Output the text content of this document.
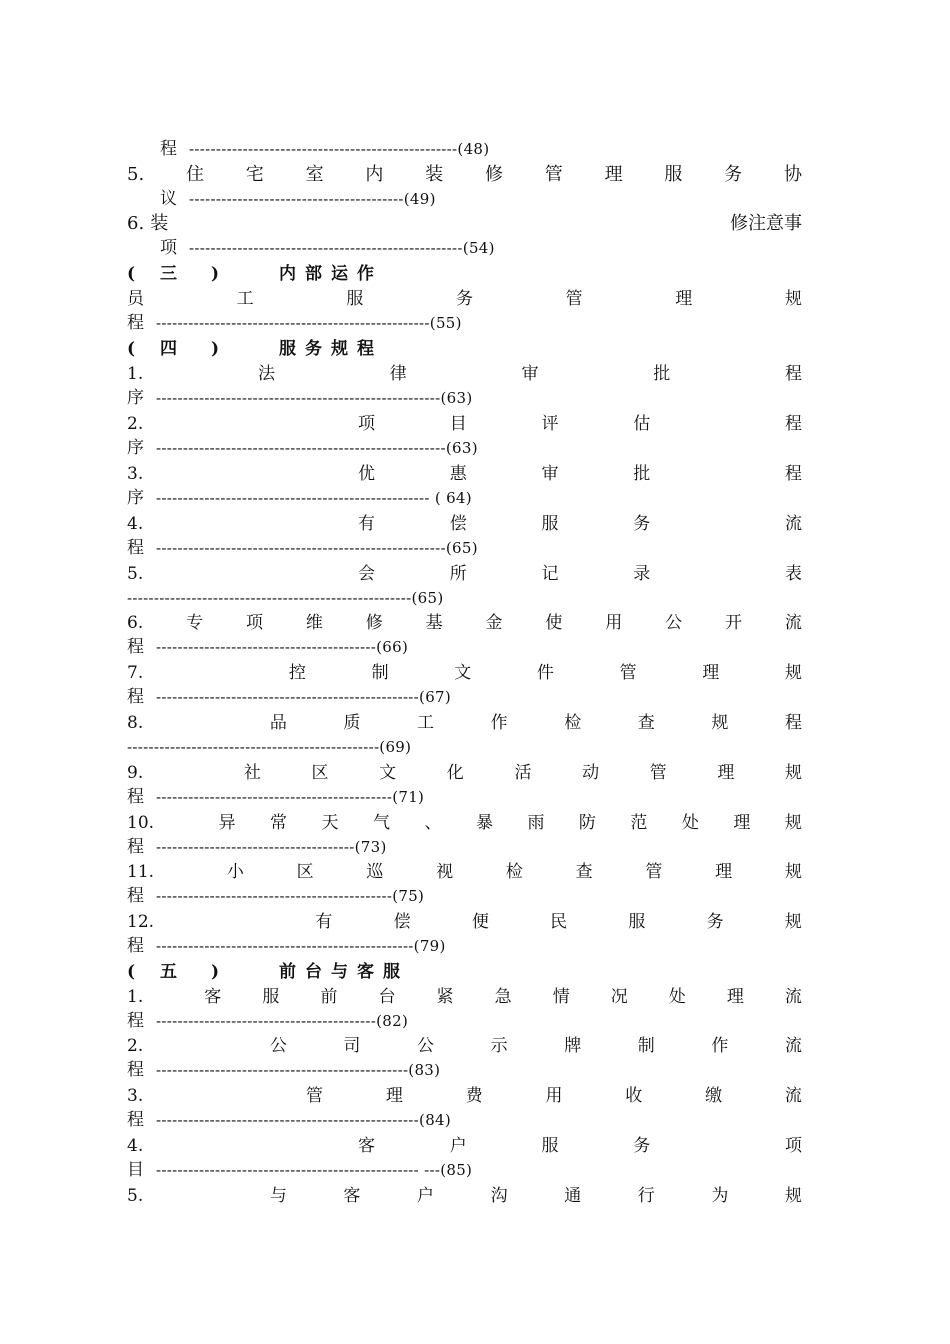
程 --------------------------------------------------(48)
5. 住 宅 室 内 装 修 管 理 服 务 协
议 ----------------------------------------(49)
6. 装	修 注 意 事
项 ---------------------------------------------------(54)
( 三 )	内部运作
员	工	服	务	管	理	规
程 ---------------------------------------------------(55)
( 四 )	服务规程
1.	法	律	审	批	程
序 -----------------------------------------------------(63)
2.	项	目	评	估	程
序 ------------------------------------------------------(63)
3.	优	惠	审	批	程
序 --------------------------------------------------- ( 64)
4.	有	偿	服	务	流
程 ------------------------------------------------------(65)
5.	会	所	记	录	表
-----------------------------------------------------(65)
6.	专	项	维	修	基	金	使	用	公	开	流
程 -----------------------------------------(66)
7.	控	制	文	件	管	理	规
程 -------------------------------------------------(67)
8.	品	质	工	作	检	查	规	程
-----------------------------------------------(69)
9.	社	区	文	化	活	动	管	理	规
程 --------------------------------------------(71)
10.	异 常 天 气 、 暴 雨 防 范 处 理 规
程 -------------------------------------(73)
11.	小	区	巡	视	检	查	管	理	规
程 --------------------------------------------(75)
12.	有	偿	便	民	服	务	规
程 ------------------------------------------------(79)
( 五 )	前台与客服
1.	客 服 前 台 紧 急 情 况 处 理 流
程 -----------------------------------------(82)
2.	公	司	公	示	牌	制	作	流
程 -----------------------------------------------(83)
3.	管	理	费	用	收	缴	流
程 -------------------------------------------------(84)
4.	客	户	服	务	项
目 ------------------------------------------------- ---(85)
5.	与	客	户	沟	通	行	为	规
